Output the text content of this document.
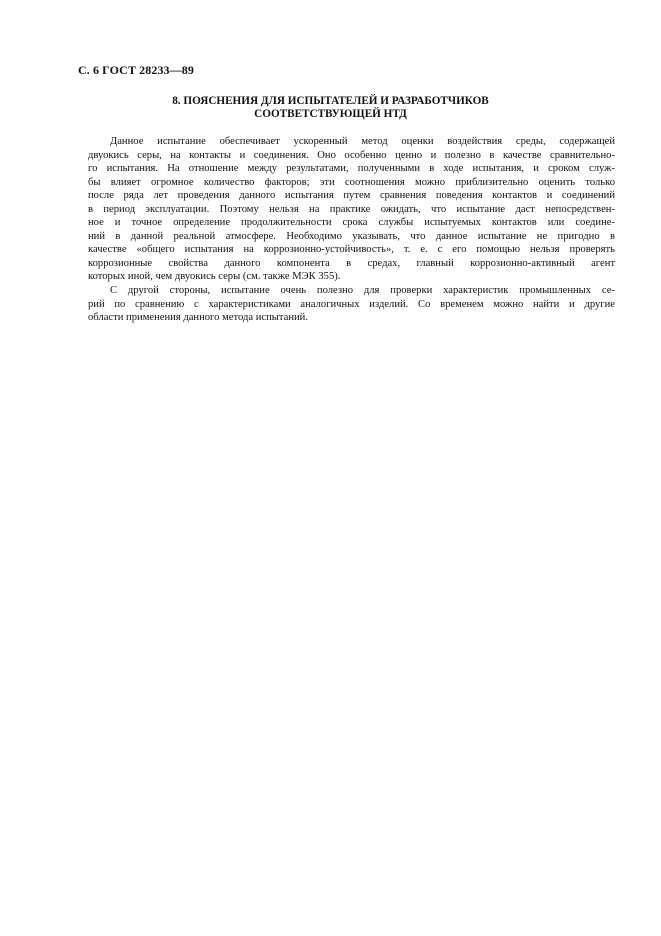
С. 6 ГОСТ 28233—89
8. ПОЯСНЕНИЯ ДЛЯ ИСПЫТАТЕЛЕЙ И РАЗРАБОТЧИКОВ
СООТВЕТСТВУЮЩЕЙ НТД
Данное испытание обеспечивает ускоренный метод оценки воздействия среды, содержащей
двуокись серы, на контакты и соединения. Оно особенно ценно и полезно в качестве сравнительно-
го испытания. На отношение между результатами, полученными в ходе испытания, и сроком служ-
бы влияет огромное количество факторов; эти соотношения можно приблизительно оценить только
после ряда лет проведения данного испытания путем сравнения поведения контактов и соединений
в период эксплуатации. Поэтому нельзя на практике ожидать, что испытание даст непосредствен-
ное и точное определение продолжительности срока службы испытуемых контактов или соедине-
ний в данной реальной атмосфере. Необходимо указывать, что данное испытание не пригодно в
качестве «общего испытания на коррозионно-устойчивость», т. е. с его помощью нельзя проверять
коррозионные свойства данного компонента в средах, главный коррозионно-активный агент
которых иной, чем двуокись серы (см. также МЭК 355).
С другой стороны, испытание очень полезно для проверки характеристик промышленных се-
рий по сравнению с характеристиками аналогичных изделий. Со временем можно найти и другие
области применения данного метода испытаний.
